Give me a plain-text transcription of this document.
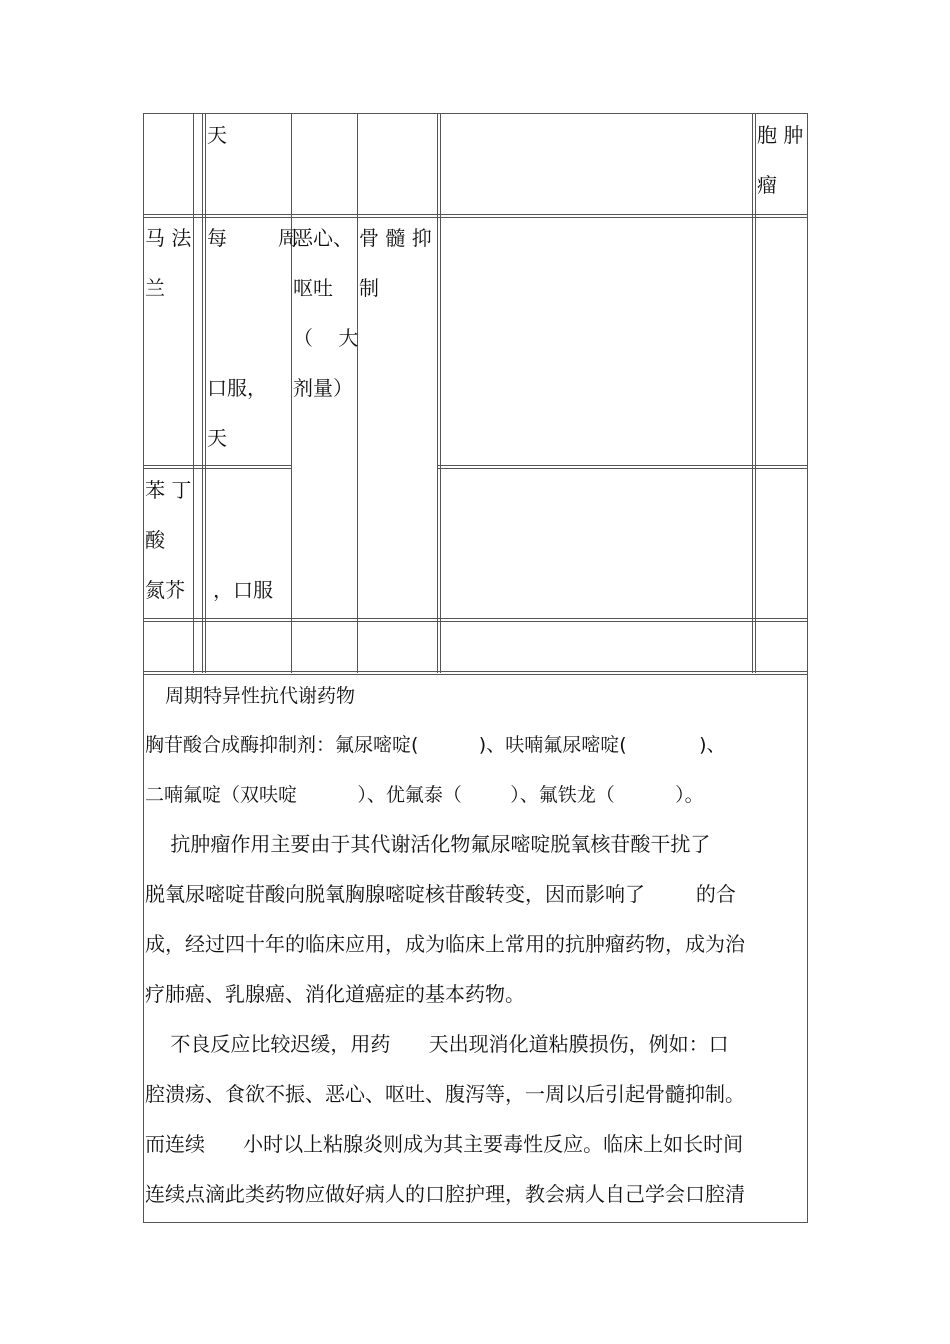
天	胞 肿
瘤
马 法
兰
每        周
口服，
天
恶心、
呕吐
（    大
剂量）
骨 髓 抑
制
苯 丁
酸
氮芥 ，口服
周期特异性抗代谢药物
胸苷酸合成酶抑制剂：氟尿嘧啶(          )、呋喃氟尿嘧啶(            )、
二喃氟啶（双呋啶          ）、优氟泰（        ）、氟铁龙（          ）。
抗肿瘤作用主要由于其代谢活化物氟尿嘧啶脱氧核苷酸干扰了
脱氧尿嘧啶苷酸向脱氧胸腺嘧啶核苷酸转变，因而影响了        的合
成，经过四十年的临床应用，成为临床上常用的抗肿瘤药物，成为治
疗肺癌、乳腺癌、消化道癌症的基本药物。
不良反应比较迟缓，用药      天出现消化道粘膜损伤，例如：口
腔溃疡、食欲不振、恶心、呕吐、腹泻等，一周以后引起骨髓抑制。
而连续      小时以上粘腺炎则成为其主要毒性反应。临床上如长时间
连续点滴此类药物应做好病人的口腔护理，教会病人自己学会口腔清
